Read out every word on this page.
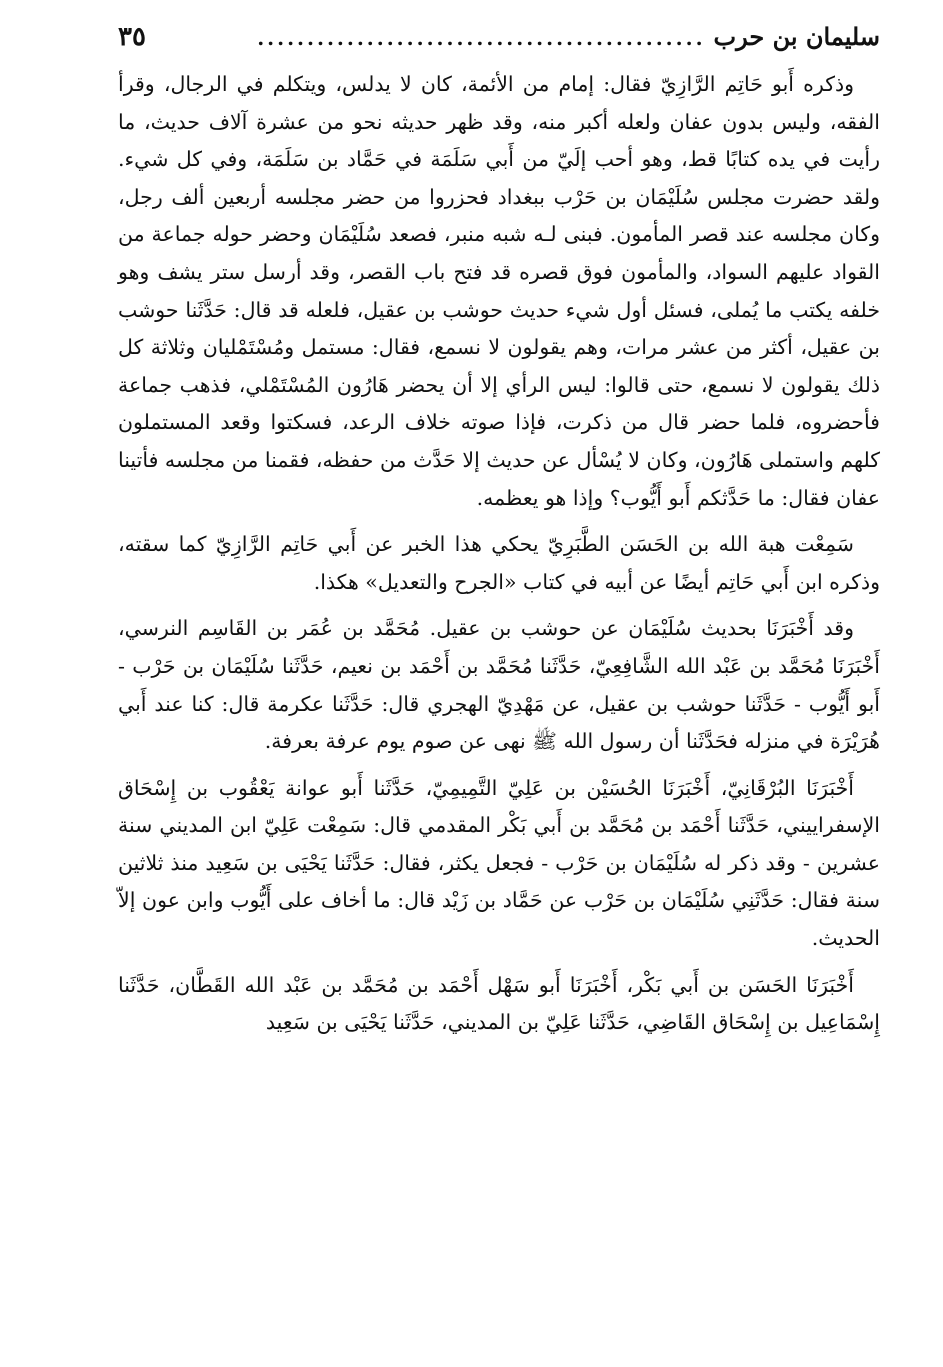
سليمان بن حرب
.............................................
٣٥

وذكره أَبو حَاتِم الرَّازِيّ فقال: إمام من الأئمة، كان لا يدلس، ويتكلم في الرجال، وقرأ الفقه، وليس بدون عفان ولعله أكبر منه، وقد ظهر حديثه نحو من عشرة آلاف حديث، ما رأيت في يده كتابًا قط، وهو أحب إلَيّ من أَبي سَلَمَة في حَمَّاد بن سَلَمَة، وفي كل شيء. ولقد حضرت مجلس سُلَيْمَان بن حَرْب ببغداد فحزروا من حضر مجلسه أربعين ألف رجل، وكان مجلسه عند قصر المأمون. فبنى لـه شبه منبر، فصعد سُلَيْمَان وحضر حوله جماعة من القواد عليهم السواد، والمأمون فوق قصره قد فتح باب القصر، وقد أرسل ستر يشف وهو خلفه يكتب ما يُملى، فسئل أول شيء حديث حوشب بن عقيل، فلعله قد قال: حَدَّثَنا حوشب بن عقيل، أكثر من عشر مرات، وهم يقولون لا نسمع، فقال: مستمل ومُسْتَمْليان وثلاثة كل ذلك يقولون لا نسمع، حتى قالوا: ليس الرأي إلا أن يحضر هَارُون المُسْتَمْلي، فذهب جماعة فأحضروه، فلما حضر قال من ذكرت، فإذا صوته خلاف الرعد، فسكتوا وقعد المستملون كلهم واستملى هَارُون، وكان لا يُسْأل عن حديث إلا حَدَّث من حفظه، فقمنا من مجلسه فأتينا عفان فقال: ما حَدَّثكم أَبو أَيُّوب؟ وإذا هو يعظمه.

سَمِعْت هبة الله بن الحَسَن الطَّبَرِيّ يحكي هذا الخبر عن أَبي حَاتِم الرَّازِيّ كما سقته، وذكره ابن أَبي حَاتِم أيضًا عن أبيه في كتاب «الجرح والتعديل» هكذا.

وقد أَخْبَرَنَا بحديث سُلَيْمَان عن حوشب بن عقيل. مُحَمَّد بن عُمَر بن القَاسِم النرسي، أَخْبَرَنَا مُحَمَّد بن عَبْد الله الشَّافِعِيّ، حَدَّثَنا مُحَمَّد بن أَحْمَد بن نعيم، حَدَّثَنا سُلَيْمَان بن حَرْب - أَبو أَيُّوب - حَدَّثَنا حوشب بن عقيل، عن مَهْدِيّ الهجري قال: حَدَّثَنا عكرمة قال: كنا عند أَبي هُرَيْرَة في منزله فحَدَّثَنا أن رسول الله ﷺ نهى عن صوم يوم عرفة بعرفة.

أَخْبَرَنَا البُرْقَانِيّ، أَخْبَرَنَا الحُسَيْن بن عَلِيّ التَّمِيمِيّ، حَدَّثَنا أَبو عوانة يَعْقُوب بن إِسْحَاق الإسفراييني، حَدَّثَنا أَحْمَد بن مُحَمَّد بن أَبي بَكْر المقدمي قال: سَمِعْت عَلِيّ ابن المديني سنة عشرين - وقد ذكر له سُلَيْمَان بن حَرْب - فجعل يكثر، فقال: حَدَّثَنا يَحْيَى بن سَعِيد منذ ثلاثين سنة فقال: حَدَّثَنِي سُلَيْمَان بن حَرْب عن حَمَّاد بن زَيْد قال: ما أخاف على أَيُّوب وابن عون إلاّ الحديث.

أَخْبَرَنَا الحَسَن بن أَبي بَكْر، أَخْبَرَنَا أَبو سَهْل أَحْمَد بن مُحَمَّد بن عَبْد الله القَطَّان، حَدَّثَنا إِسْمَاعِيل بن إِسْحَاق القَاضِي، حَدَّثَنا عَلِيّ بن المديني، حَدَّثَنا يَحْيَى بن سَعِيد
